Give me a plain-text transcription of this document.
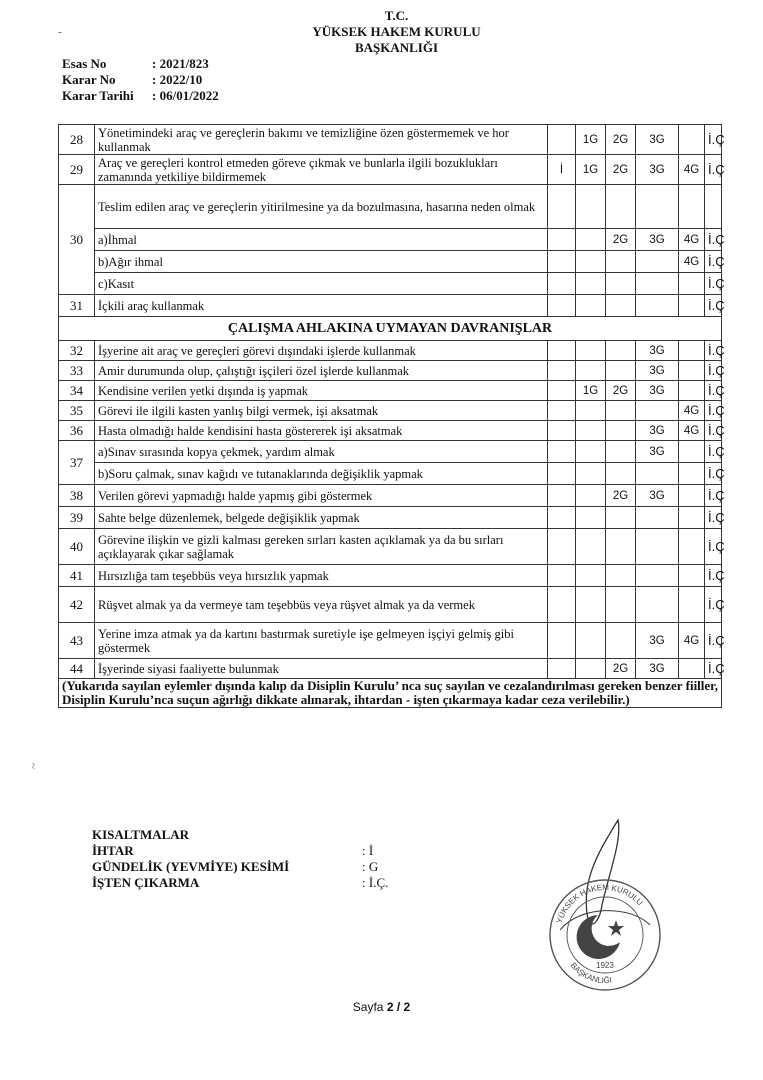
T.C.
YÜKSEK HAKEM KURULU
BAŞKANLIĞI
-
~
Esas No	: 2021/823
Karar No	: 2022/10
Karar Tarihi	: 06/01/2022
28	Yönetimindeki araç ve gereçlerin bakımı ve temizliğine özen göstermemek ve hor kullanmak		1G	2G	3G		İ.Ç
29	Araç ve gereçleri kontrol etmeden göreve çıkmak ve bunlarla ilgili bozuklukları zamanında yetkiliye bildirmemek	İ	1G	2G	3G	4G	İ.Ç
30	Teslim edilen araç ve gereçlerin yitirilmesine ya da bozulmasına, hasarına neden olmak						
	a)İhmal			2G	3G	4G	İ.Ç
	b)Ağır ihmal					4G	İ.Ç
	c)Kasıt						İ.Ç
31	İçkili araç kullanmak						İ.Ç
ÇALIŞMA AHLAKINA UYMAYAN DAVRANIŞLAR							
32	İşyerine ait araç ve gereçleri görevi dışındaki işlerde kullanmak				3G		İ.Ç
33	Amir durumunda olup, çalıştığı işçileri özel işlerde kullanmak				3G		İ.Ç
34	Kendisine verilen yetki dışında iş yapmak		1G	2G	3G		İ.Ç
35	Görevi ile ilgili kasten yanlış bilgi vermek, işi aksatmak					4G	İ.Ç
36	Hasta olmadığı halde kendisini hasta göstererek işi aksatmak				3G	4G	İ.Ç
37	a)Sınav sırasında kopya çekmek, yardım almak				3G		İ.Ç
	b)Soru çalmak, sınav kağıdı ve tutanaklarında değişiklik yapmak						İ.Ç
38	Verilen görevi yapmadığı halde yapmış gibi göstermek			2G	3G		İ.Ç
39	Sahte belge düzenlemek, belgede değişiklik yapmak						İ.Ç
40	Görevine ilişkin ve gizli kalması gereken sırları kasten açıklamak ya da bu sırları açıklayarak çıkar sağlamak						İ.Ç
41	Hırsızlığa tam teşebbüs veya hırsızlık yapmak						İ.Ç
42	Rüşvet almak ya da vermeye tam teşebbüs veya rüşvet almak ya da vermek						İ.Ç
43	Yerine imza atmak ya da kartını bastırmak suretiyle işe gelmeyen işçiyi gelmiş gibi göstermek				3G	4G	İ.Ç
44	İşyerinde siyasi faaliyette bulunmak			2G	3G		İ.Ç
(Yukarıda sayılan eylemler dışında kalıp da Disiplin Kurulu’ nca suç sayılan ve cezalandırılması gereken benzer fiiller, Disiplin Kurulu’nca suçun ağırlığı dikkate alınarak, ihtardan - işten çıkarmaya kadar ceza verilebilir.)							
KISALTMALAR
İHTAR	: İ
GÜNDELİK (YEVMİYE) KESİMİ	: G
İŞTEN ÇIKARMA	: İ.Ç.
YÜKSEK HAKEM KURULU
BAŞKANLIĞI
1923
Sayfa 2 / 2
